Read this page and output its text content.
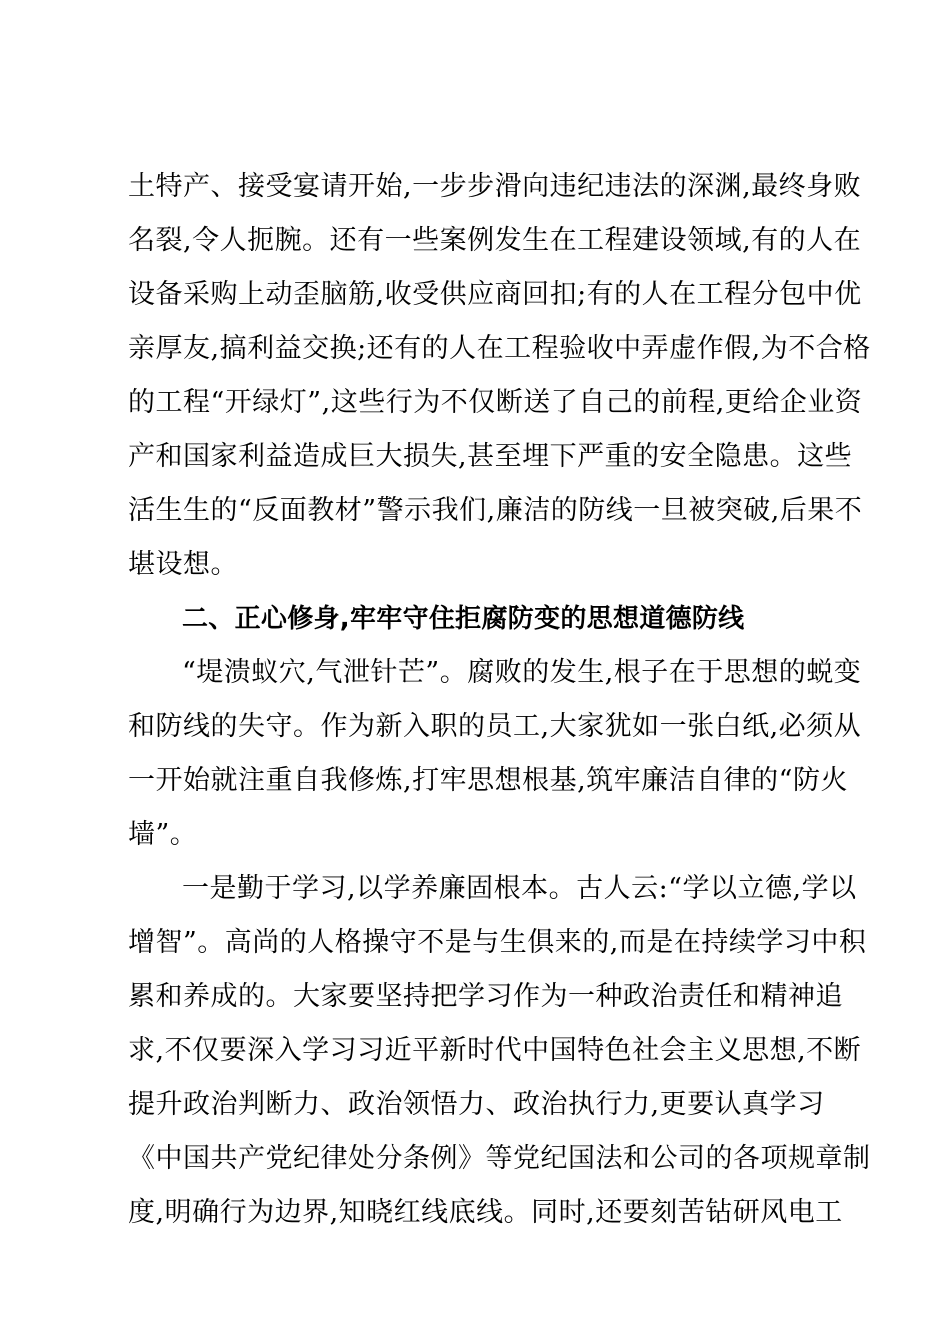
土特产、接受宴请开始,一步步滑向违纪违法的深渊,最终身败
名裂,令人扼腕。还有一些案例发生在工程建设领域,有的人在
设备采购上动歪脑筋,收受供应商回扣;有的人在工程分包中优
亲厚友,搞利益交换;还有的人在工程验收中弄虚作假,为不合格
的工程“开绿灯”,这些行为不仅断送了自己的前程,更给企业资
产和国家利益造成巨大损失,甚至埋下严重的安全隐患。这些
活生生的“反面教材”警示我们,廉洁的防线一旦被突破,后果不
堪设想。
二、正心修身,牢牢守住拒腐防变的思想道德防线
“堤溃蚁穴,气泄针芒”。腐败的发生,根子在于思想的蜕变
和防线的失守。作为新入职的员工,大家犹如一张白纸,必须从
一开始就注重自我修炼,打牢思想根基,筑牢廉洁自律的“防火
墙”。
一是勤于学习,以学养廉固根本。古人云:“学以立德,学以
增智”。高尚的人格操守不是与生俱来的,而是在持续学习中积
累和养成的。大家要坚持把学习作为一种政治责任和精神追
求,不仅要深入学习习近平新时代中国特色社会主义思想,不断
提升政治判断力、政治领悟力、政治执行力,更要认真学习
《中国共产党纪律处分条例》等党纪国法和公司的各项规章制
度,明确行为边界,知晓红线底线。同时,还要刻苦钻研风电工
